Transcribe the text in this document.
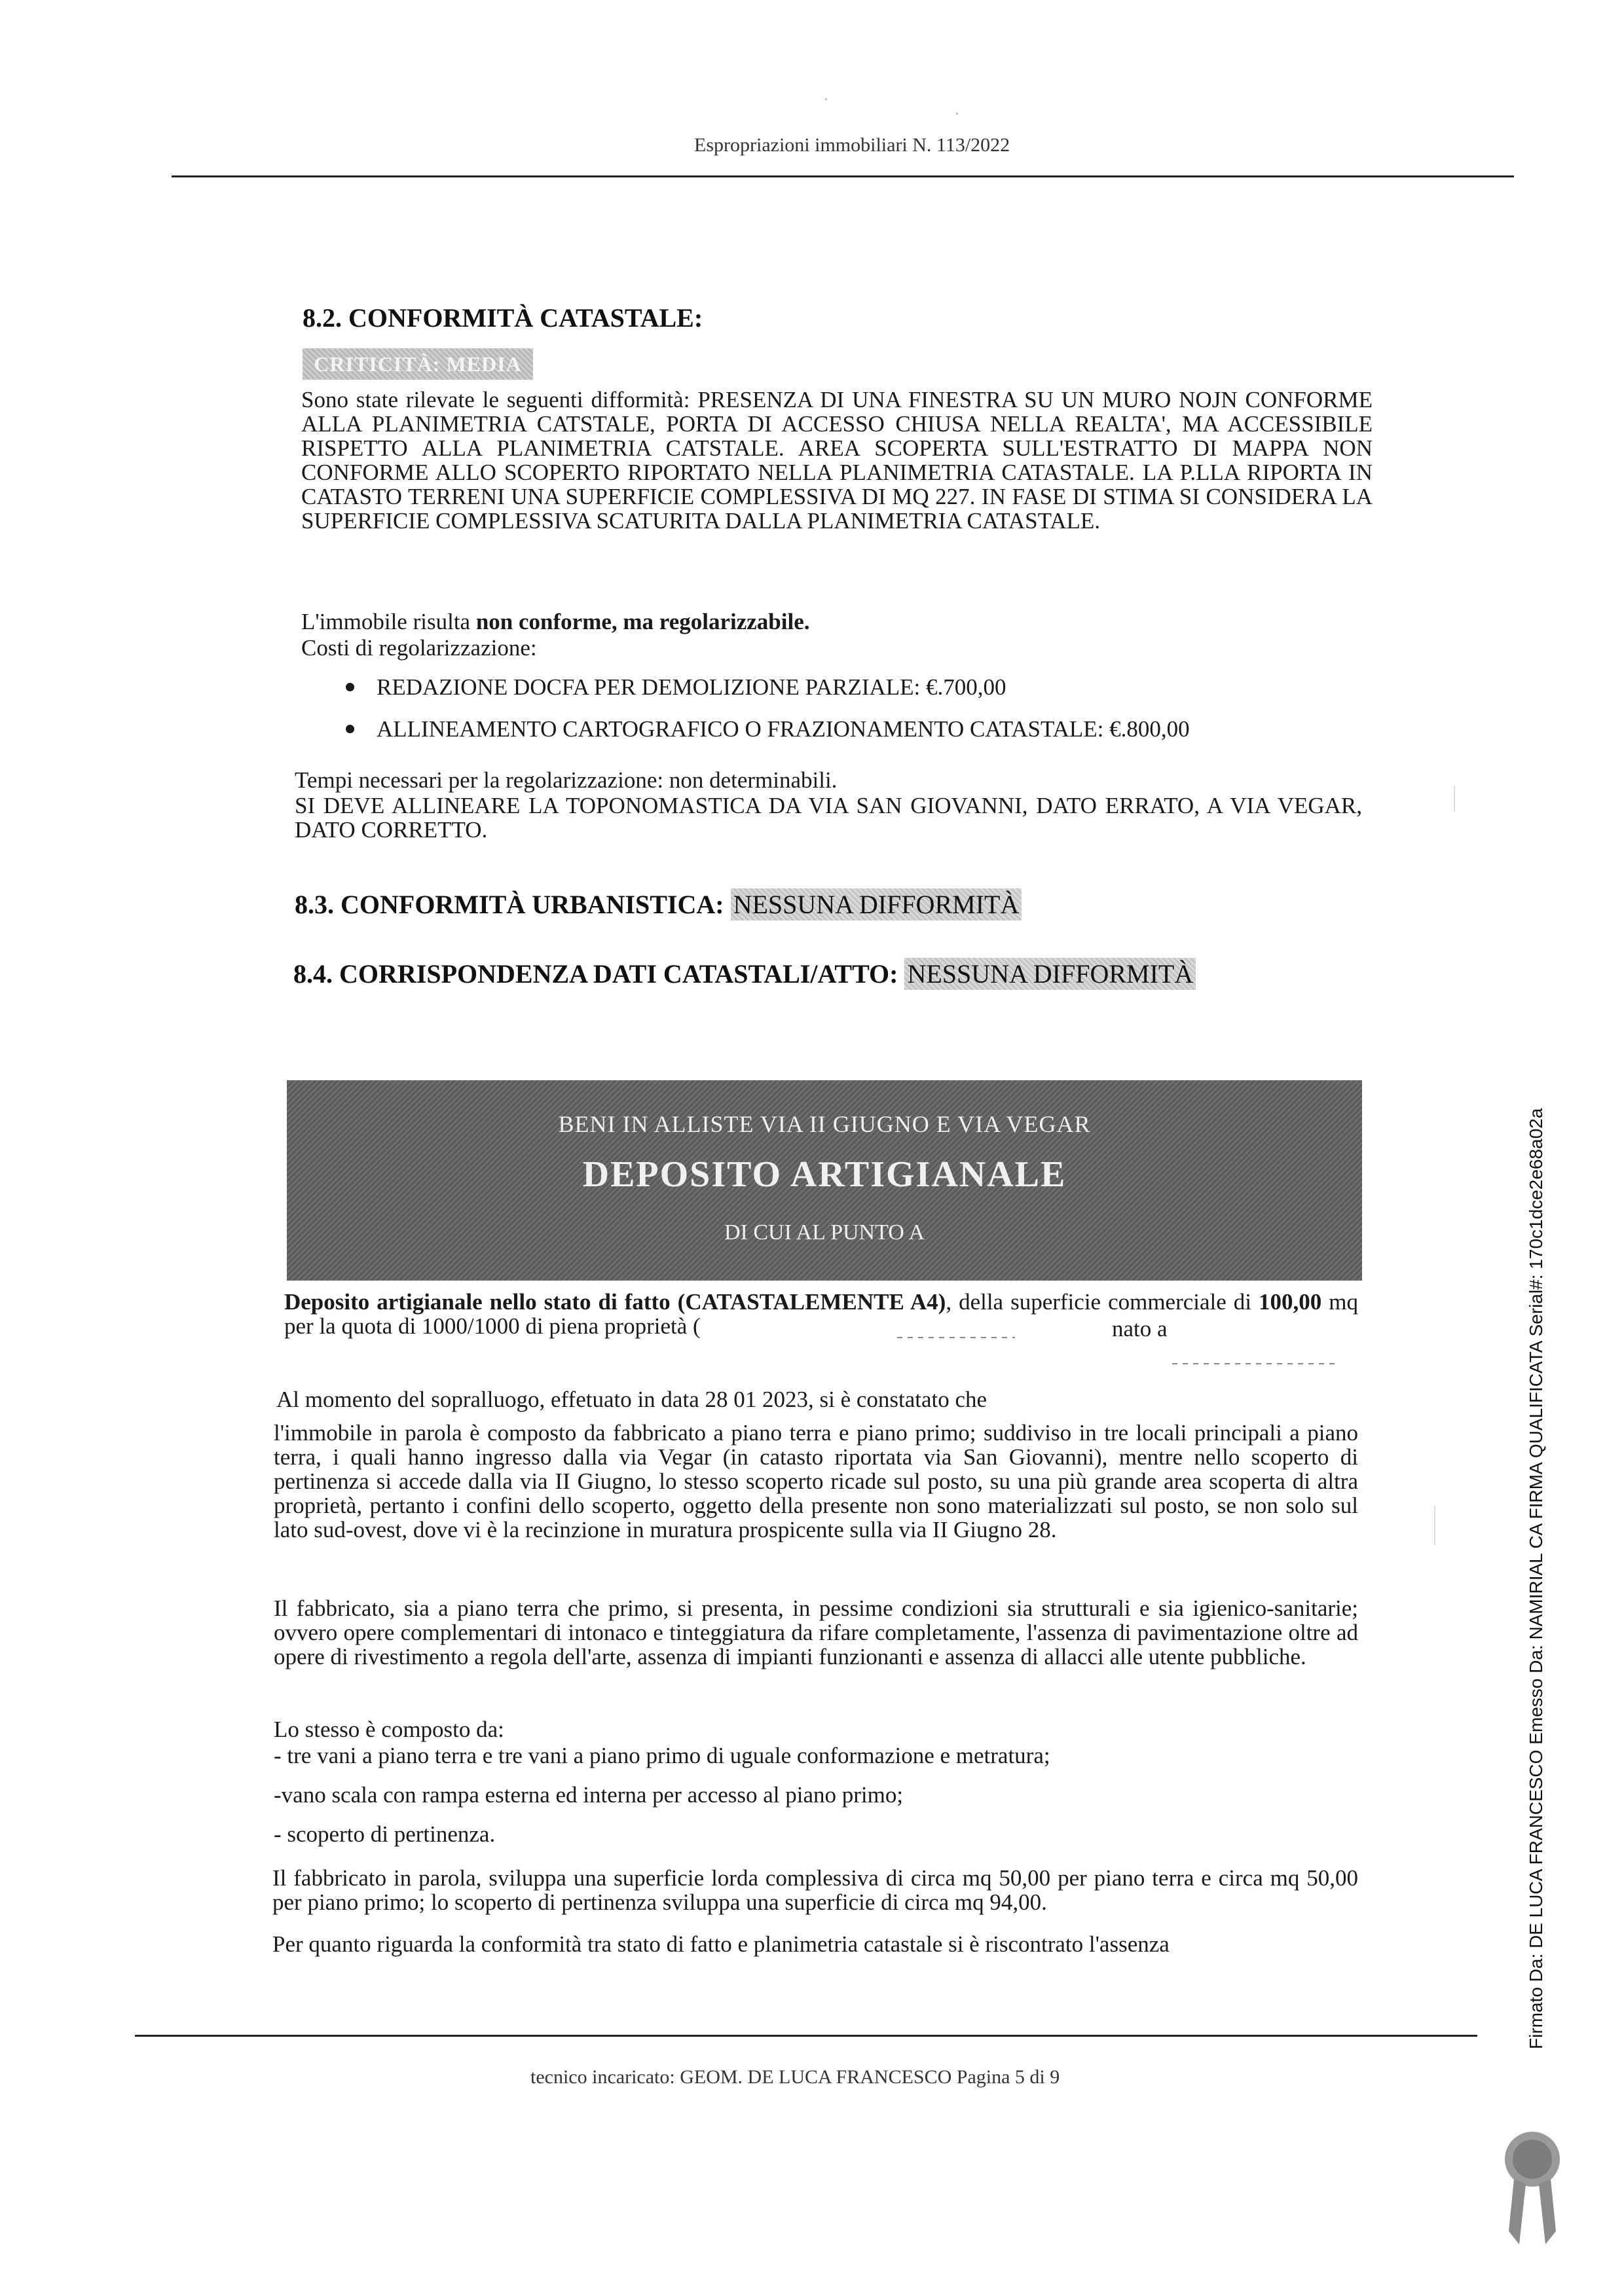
Espropriazioni immobiliari N. 113/2022
8.2. CONFORMITÀ CATASTALE:
CRITICITÀ: MEDIA
Sono state rilevate le seguenti difformità: PRESENZA DI UNA FINESTRA SU UN MURO NOJN CONFORME ALLA PLANIMETRIA CATSTALE, PORTA DI ACCESSO CHIUSA NELLA REALTA', MA ACCESSIBILE RISPETTO ALLA PLANIMETRIA CATSTALE. AREA SCOPERTA SULL'ESTRATTO DI MAPPA NON CONFORME ALLO SCOPERTO RIPORTATO NELLA PLANIMETRIA CATASTALE. LA P.LLA RIPORTA IN CATASTO TERRENI UNA SUPERFICIE COMPLESSIVA DI MQ 227. IN FASE DI STIMA SI CONSIDERA LA SUPERFICIE COMPLESSIVA SCATURITA DALLA PLANIMETRIA CATASTALE.
L'immobile risulta non conforme, ma regolarizzabile.
Costi di regolarizzazione:
REDAZIONE DOCFA PER DEMOLIZIONE PARZIALE: €.700,00
ALLINEAMENTO CARTOGRAFICO O FRAZIONAMENTO CATASTALE: €.800,00
Tempi necessari per la regolarizzazione: non determinabili.
SI DEVE ALLINEARE LA TOPONOMASTICA DA VIA SAN GIOVANNI, DATO ERRATO, A VIA VEGAR, DATO CORRETTO.
8.3. CONFORMITÀ URBANISTICA: NESSUNA DIFFORMITÀ
8.4. CORRISPONDENZA DATI CATASTALI/ATTO: NESSUNA DIFFORMITÀ
BENI IN ALLISTE VIA II GIUGNO E VIA VEGAR
DEPOSITO ARTIGIANALE
DI CUI AL PUNTO A
Deposito artigianale nello stato di fatto (CATASTALEMENTE A4), della superficie commerciale di 100,00 mq per la quota di 1000/1000 di piena proprietà (	nato a
Al momento del sopralluogo, effetuato in data 28 01 2023, si è constatato che
l'immobile in parola è composto da fabbricato a piano terra e piano primo; suddiviso in tre locali principali a piano terra, i quali hanno ingresso dalla via Vegar (in catasto riportata via San Giovanni), mentre nello scoperto di pertinenza si accede dalla via II Giugno, lo stesso scoperto ricade sul posto, su una più grande area scoperta di altra proprietà, pertanto i confini dello scoperto, oggetto della presente non sono materializzati sul posto, se non solo sul lato sud-ovest, dove vi è la recinzione in muratura prospicente sulla via II Giugno 28.
Il fabbricato, sia a piano terra che primo, si presenta, in pessime condizioni sia strutturali e sia igienico-sanitarie; ovvero opere complementari di intonaco e tinteggiatura da rifare completamente, l'assenza di pavimentazione oltre ad opere di rivestimento a regola dell'arte, assenza di impianti funzionanti e assenza di allacci alle utente pubbliche.
Lo stesso è composto da:
- tre vani a piano terra e tre vani a piano primo di uguale conformazione e metratura;
-vano scala con rampa esterna ed interna per accesso al piano primo;
- scoperto di pertinenza.
Il fabbricato in parola, sviluppa una superficie lorda complessiva di circa mq 50,00 per piano terra e circa mq 50,00 per piano primo; lo scoperto di pertinenza sviluppa una superficie di circa mq 94,00.
Per quanto riguarda la conformità tra stato di fatto e planimetria catastale si è riscontrato l'assenza
tecnico incaricato: GEOM. DE LUCA FRANCESCO Pagina 5 di 9
Firmato Da: DE LUCA FRANCESCO Emesso Da: NAMIRIAL CA FIRMA QUALIFICATA Serial#: 170c1dce2e68a02a
